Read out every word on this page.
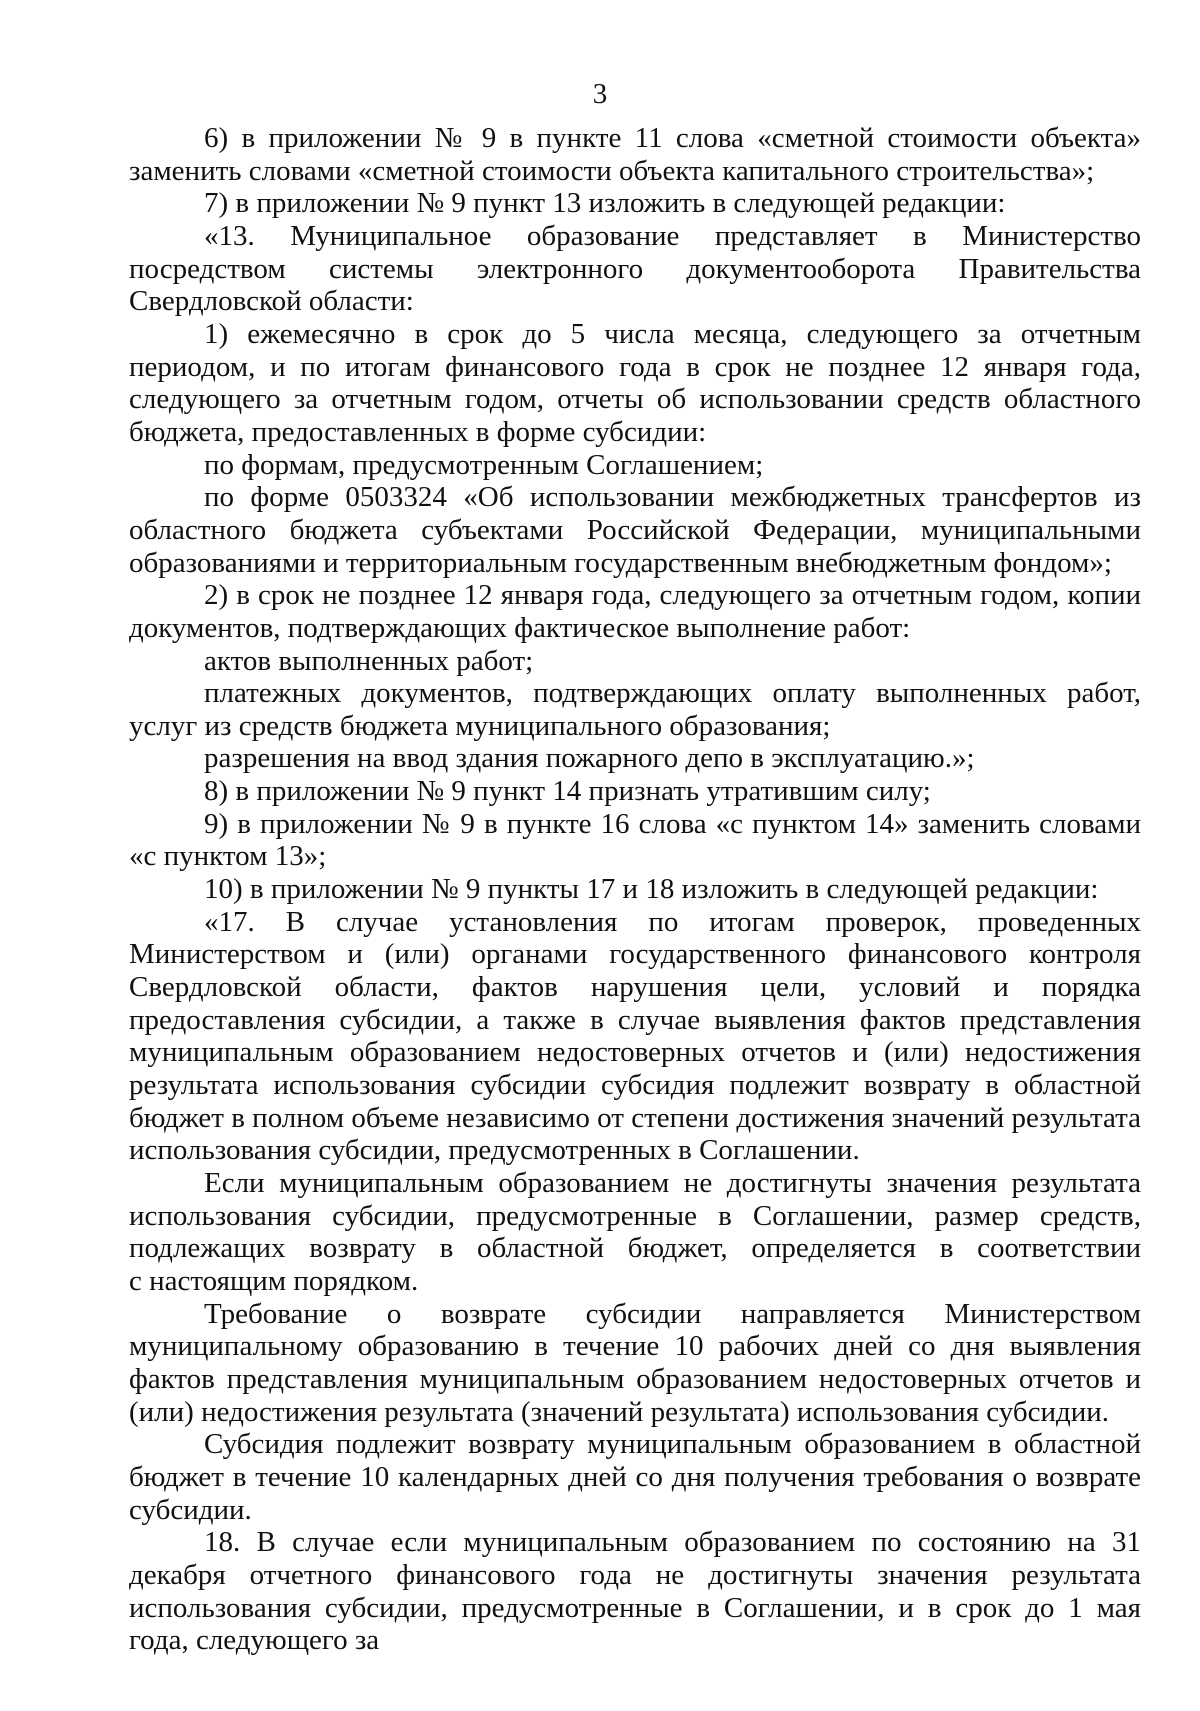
3

6) в приложении № 9 в пункте 11 слова «сметной стоимости объекта» заменить словами «сметной стоимости объекта капитального строительства»;

7) в приложении № 9 пункт 13 изложить в следующей редакции:

«13. Муниципальное образование представляет в Министерство посредством системы электронного документооборота Правительства Свердловской области:

1) ежемесячно в срок до 5 числа месяца, следующего за отчетным периодом, и по итогам финансового года в срок не позднее 12 января года, следующего за отчетным годом, отчеты об использовании средств областного бюджета, предоставленных в форме субсидии:

по формам, предусмотренным Соглашением;

по форме 0503324 «Об использовании межбюджетных трансфертов из областного бюджета субъектами Российской Федерации, муниципальными образованиями и территориальным государственным внебюджетным фондом»;

2) в срок не позднее 12 января года, следующего за отчетным годом, копии документов, подтверждающих фактическое выполнение работ:

актов выполненных работ;

платежных документов, подтверждающих оплату выполненных работ, услуг из средств бюджета муниципального образования;

разрешения на ввод здания пожарного депо в эксплуатацию.»;

8) в приложении № 9 пункт 14 признать утратившим силу;

9) в приложении № 9 в пункте 16 слова «с пунктом 14» заменить словами «с пунктом 13»;

10) в приложении № 9 пункты 17 и 18 изложить в следующей редакции:

«17. В случае установления по итогам проверок, проведенных Министерством и (или) органами государственного финансового контроля Свердловской области, фактов нарушения цели, условий и порядка предоставления субсидии, а также в случае выявления фактов представления муниципальным образованием недостоверных отчетов и (или) недостижения результата использования субсидии субсидия подлежит возврату в областной бюджет в полном объеме независимо от степени достижения значений результата использования субсидии, предусмотренных в Соглашении.

Если муниципальным образованием не достигнуты значения результата использования субсидии, предусмотренные в Соглашении, размер средств, подлежащих возврату в областной бюджет, определяется в соответствии с настоящим порядком.

Требование о возврате субсидии направляется Министерством муниципальному образованию в течение 10 рабочих дней со дня выявления фактов представления муниципальным образованием недостоверных отчетов и (или) недостижения результата (значений результата) использования субсидии.

Субсидия подлежит возврату муниципальным образованием в областной бюджет в течение 10 календарных дней со дня получения требования о возврате субсидии.

18. В случае если муниципальным образованием по состоянию на 31 декабря отчетного финансового года не достигнуты значения результата использования субсидии, предусмотренные в Соглашении, и в срок до 1 мая года, следующего за
